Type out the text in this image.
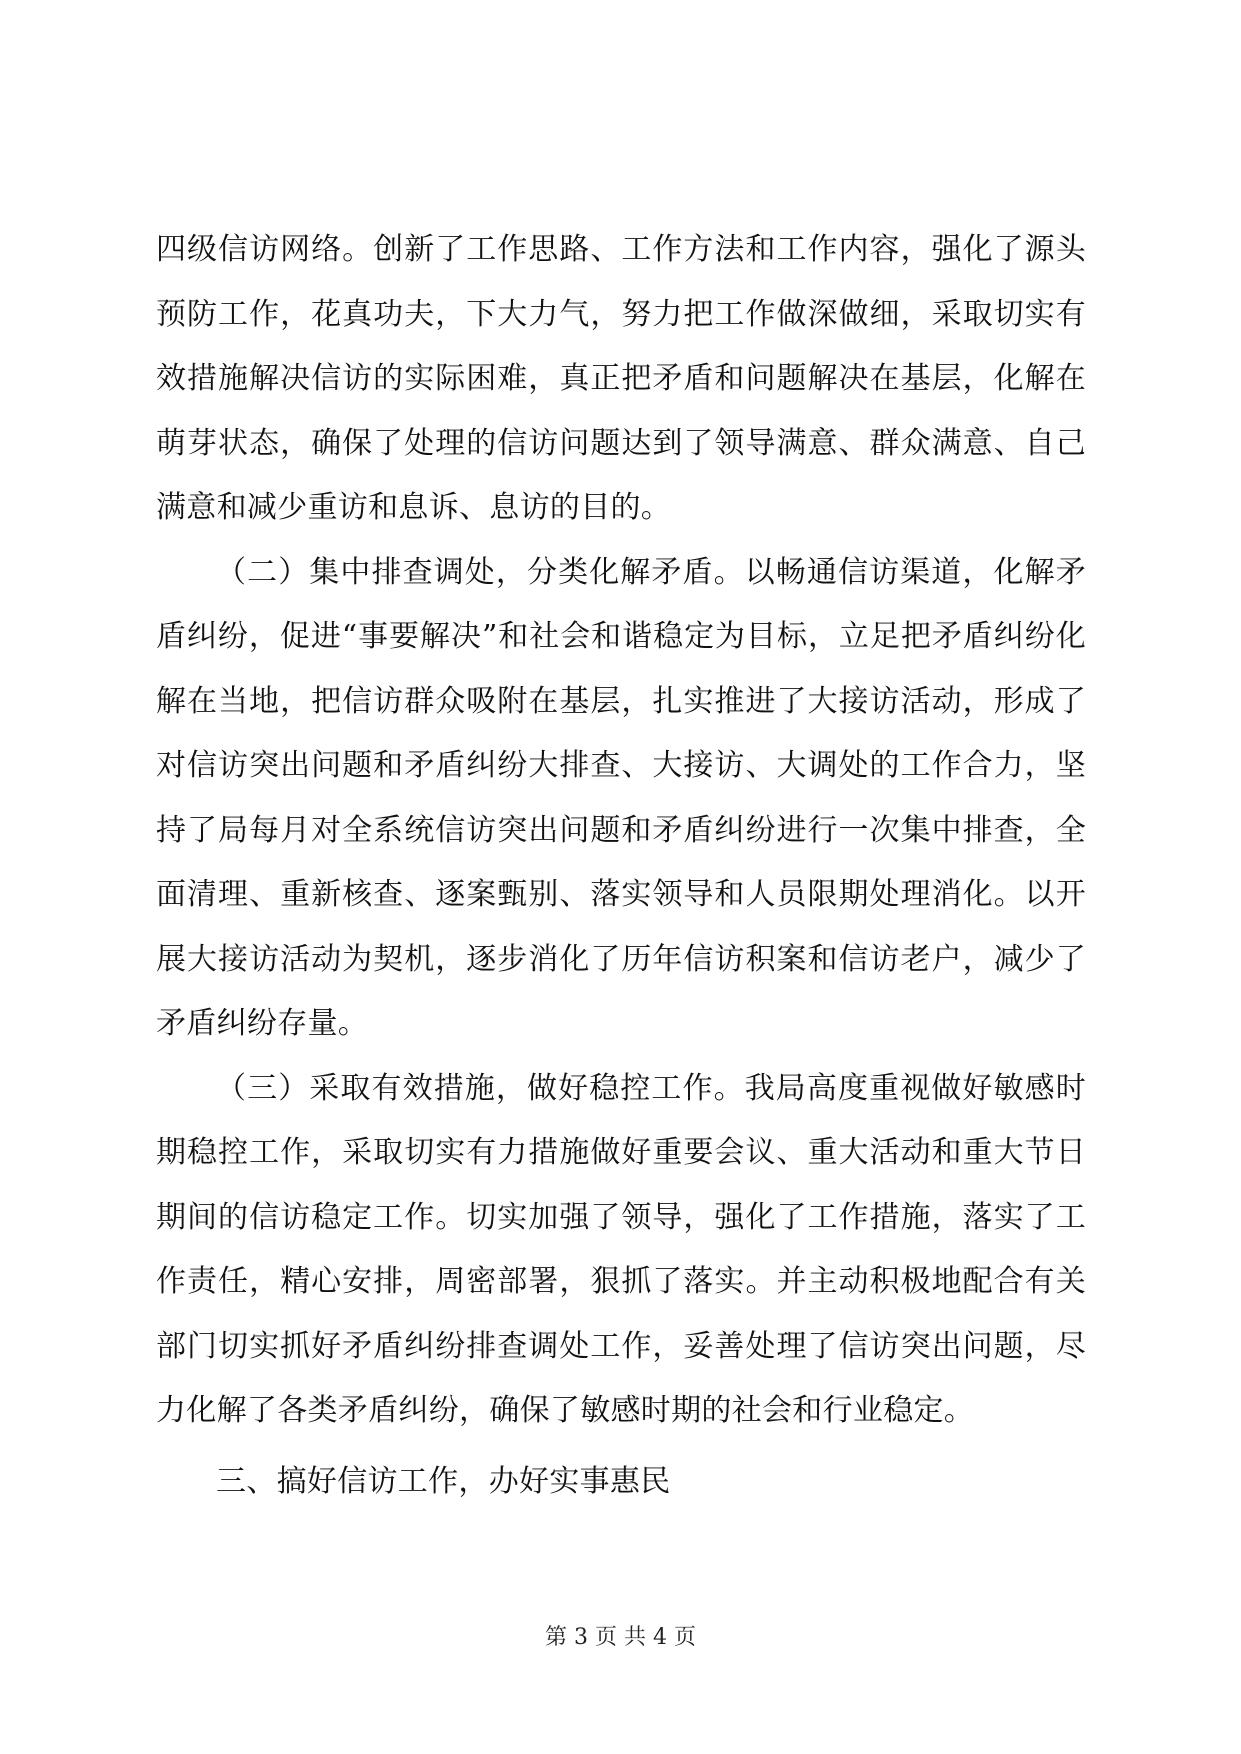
四级信访网络。创新了工作思路、工作方法和工作内容，强化了源头预防工作，花真功夫，下大力气，努力把工作做深做细，采取切实有效措施解决信访的实际困难，真正把矛盾和问题解决在基层，化解在萌芽状态，确保了处理的信访问题达到了领导满意、群众满意、自己满意和减少重访和息诉、息访的目的。

（二）集中排查调处，分类化解矛盾。以畅通信访渠道，化解矛盾纠纷，促进“事要解决”和社会和谐稳定为目标，立足把矛盾纠纷化解在当地，把信访群众吸附在基层，扎实推进了大接访活动，形成了对信访突出问题和矛盾纠纷大排查、大接访、大调处的工作合力，坚持了局每月对全系统信访突出问题和矛盾纠纷进行一次集中排查，全面清理、重新核查、逐案甄别、落实领导和人员限期处理消化。以开展大接访活动为契机，逐步消化了历年信访积案和信访老户，减少了矛盾纠纷存量。

（三）采取有效措施，做好稳控工作。我局高度重视做好敏感时期稳控工作，采取切实有力措施做好重要会议、重大活动和重大节日期间的信访稳定工作。切实加强了领导，强化了工作措施，落实了工作责任，精心安排，周密部署，狠抓了落实。并主动积极地配合有关部门切实抓好矛盾纠纷排查调处工作，妥善处理了信访突出问题，尽力化解了各类矛盾纠纷，确保了敏感时期的社会和行业稳定。

三、搞好信访工作，办好实事惠民

第 3 页 共 4 页
